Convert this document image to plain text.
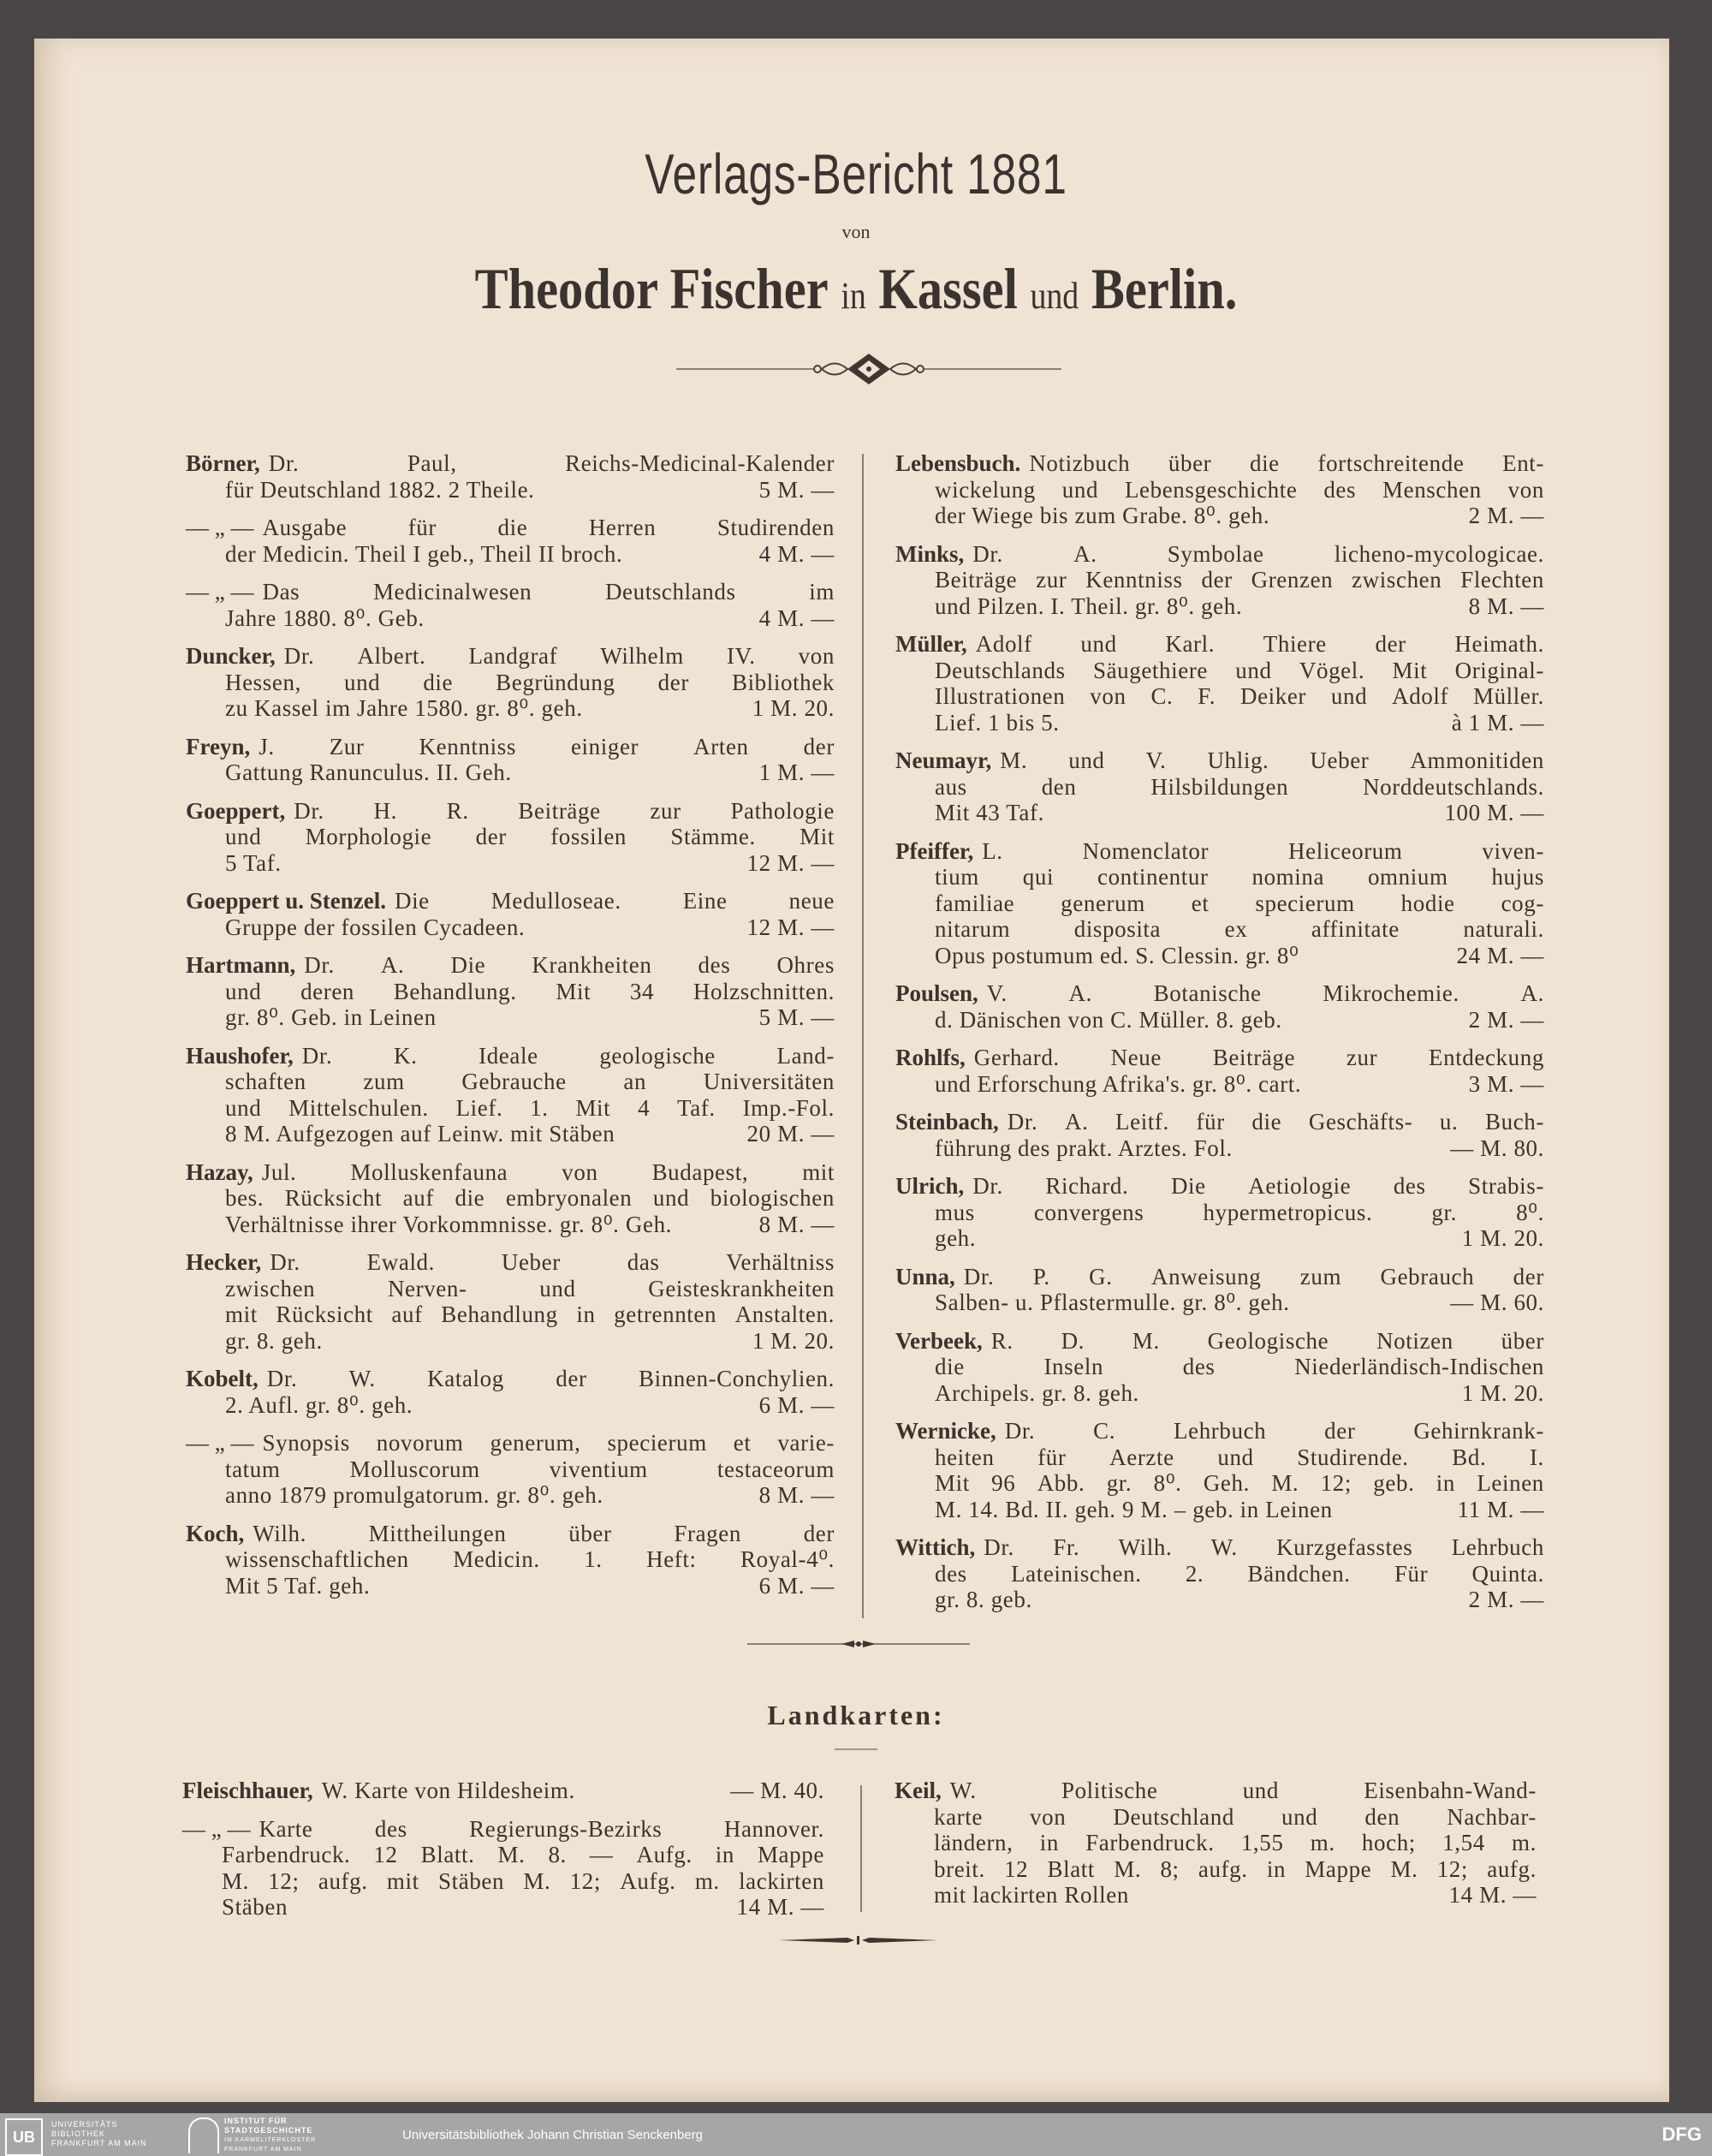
Verlags-Bericht 1881
von
Theodor Fischer in Kassel und Berlin.
Börner, Dr.	Paul,	Reichs-Medicinal-Kalender
für Deutschland 1882. 2 Theile.	5 M. —
— „ — Ausgabe	für	die	Herren	Studirenden
der Medicin. Theil I geb., Theil II broch.	4 M. —
— „ — Das	Medicinalwesen	Deutschlands	im
Jahre 1880. 8⁰. Geb.	4 M. —
Duncker, Dr. Albert. Landgraf Wilhelm IV. von
Hessen, und die Begründung der Bibliothek
zu Kassel im Jahre 1580. gr. 8⁰. geh.	1 M. 20.
Freyn, J. Zur Kenntniss einiger Arten der
Gattung Ranunculus. II. Geh.	1 M. —
Goeppert, Dr. H. R. Beiträge zur Pathologie
und Morphologie der fossilen Stämme. Mit
5 Taf.	12 M. —
Goeppert u. Stenzel. Die	Medulloseae.	Eine	neue
Gruppe der fossilen Cycadeen.	12 M. —
Hartmann, Dr. A. Die Krankheiten des Ohres
und deren Behandlung. Mit 34 Holzschnitten.
gr. 8⁰. Geb. in Leinen	5 M. —
Haushofer, Dr.	K.	Ideale	geologische	Land-
schaften zum Gebrauche an Universitäten
und Mittelschulen. Lief. 1. Mit 4 Taf. Imp.-Fol.
8 M. Aufgezogen auf Leinw. mit Stäben	20 M. —
Hazay, Jul. Molluskenfauna von Budapest, mit
bes. Rücksicht auf die embryonalen und biologischen
Verhältnisse ihrer Vorkommnisse. gr. 8⁰. Geh.	8 M. —
Hecker, Dr.	Ewald.	Ueber	das	Verhältniss
zwischen	Nerven-	und	Geisteskrankheiten
mit Rücksicht auf Behandlung in getrennten Anstalten.
gr. 8. geh.	1 M. 20.
Kobelt, Dr. W. Katalog der Binnen-Conchylien.
2. Aufl. gr. 8⁰. geh.	6 M. —
— „ — Synopsis novorum generum, specierum et varie-
tatum	Molluscorum	viventium	testaceorum
anno 1879 promulgatorum. gr. 8⁰. geh.	8 M. —
Koch, Wilh.	Mittheilungen	über	Fragen	der
wissenschaftlichen Medicin. 1. Heft: Royal-4⁰.
Mit 5 Taf. geh.	6 M. —
Lebensbuch. Notizbuch über die fortschreitende Ent-
wickelung und Lebensgeschichte des Menschen von
der Wiege bis zum Grabe. 8⁰. geh.	2 M. —
Minks, Dr.	A.	Symbolae	licheno-mycologicae.
Beiträge zur Kenntniss der Grenzen zwischen Flechten
und Pilzen. I. Theil. gr. 8⁰. geh.	8 M. —
Müller, Adolf und Karl. Thiere der Heimath.
Deutschlands Säugethiere und Vögel. Mit Original-
Illustrationen von C. F. Deiker und Adolf Müller.
Lief. 1 bis 5.	à 1 M. —
Neumayr, M. und V. Uhlig. Ueber Ammonitiden
aus	den	Hilsbildungen	Norddeutschlands.
Mit 43 Taf.	100 M. —
Pfeiffer, L.	Nomenclator	Heliceorum	viven-
tium qui continentur nomina omnium hujus
familiae generum et specierum hodie cog-
nitarum	disposita	ex	affinitate	naturali.
Opus postumum ed. S. Clessin. gr. 8⁰	24 M. —
Poulsen, V.	A.	Botanische	Mikrochemie.	A.
d. Dänischen von C. Müller. 8. geb.	2 M. —
Rohlfs, Gerhard. Neue Beiträge zur Entdeckung
und Erforschung Afrika's. gr. 8⁰. cart.	3 M. —
Steinbach, Dr. A. Leitf. für die Geschäfts- u. Buch-
führung des prakt. Arztes. Fol.	— M. 80.
Ulrich, Dr. Richard. Die Aetiologie des Strabis-
mus	convergens	hypermetropicus.	gr.	8⁰.
geh.	1 M. 20.
Unna, Dr. P. G. Anweisung zum Gebrauch der
Salben- u. Pflastermulle. gr. 8⁰. geh.	— M. 60.
Verbeek, R. D. M. Geologische Notizen über
die	Inseln	des	Niederländisch-Indischen
Archipels. gr. 8. geh.	1 M. 20.
Wernicke, Dr.	C.	Lehrbuch	der	Gehirnkrank-
heiten für Aerzte und Studirende. Bd. I.
Mit 96 Abb. gr. 8⁰. Geh. M. 12; geb. in Leinen
M. 14. Bd. II. geh. 9 M. – geb. in Leinen	11 M. —
Wittich, Dr. Fr. Wilh. W. Kurzgefasstes Lehrbuch
des Lateinischen. 2. Bändchen. Für Quinta.
gr. 8. geb.	2 M. —
Landkarten:
Fleischhauer, W. Karte von Hildesheim.	— M. 40.
— „ — Karte	des	Regierungs-Bezirks	Hannover.
Farbendruck. 12 Blatt. M. 8. — Aufg. in Mappe
M. 12; aufg. mit Stäben M. 12; Aufg. m. lackirten
Stäben	14 M. —
Keil, W.	Politische	und	Eisenbahn-Wand-
karte von Deutschland und den Nachbar-
ländern, in Farbendruck. 1,55 m. hoch; 1,54 m.
breit. 12 Blatt M. 8; aufg. in Mappe M. 12; aufg.
mit lackirten Rollen	14 M. —
UB
UNIVERSITÄTS
BIBLIOTHEK
FRANKFURT AM MAIN
INSTITUT FÜR
STADTGESCHICHTE
IM KARMELITERKLOSTER
FRANKFURT AM MAIN
Universitätsbibliothek Johann Christian Senckenberg	DFG
